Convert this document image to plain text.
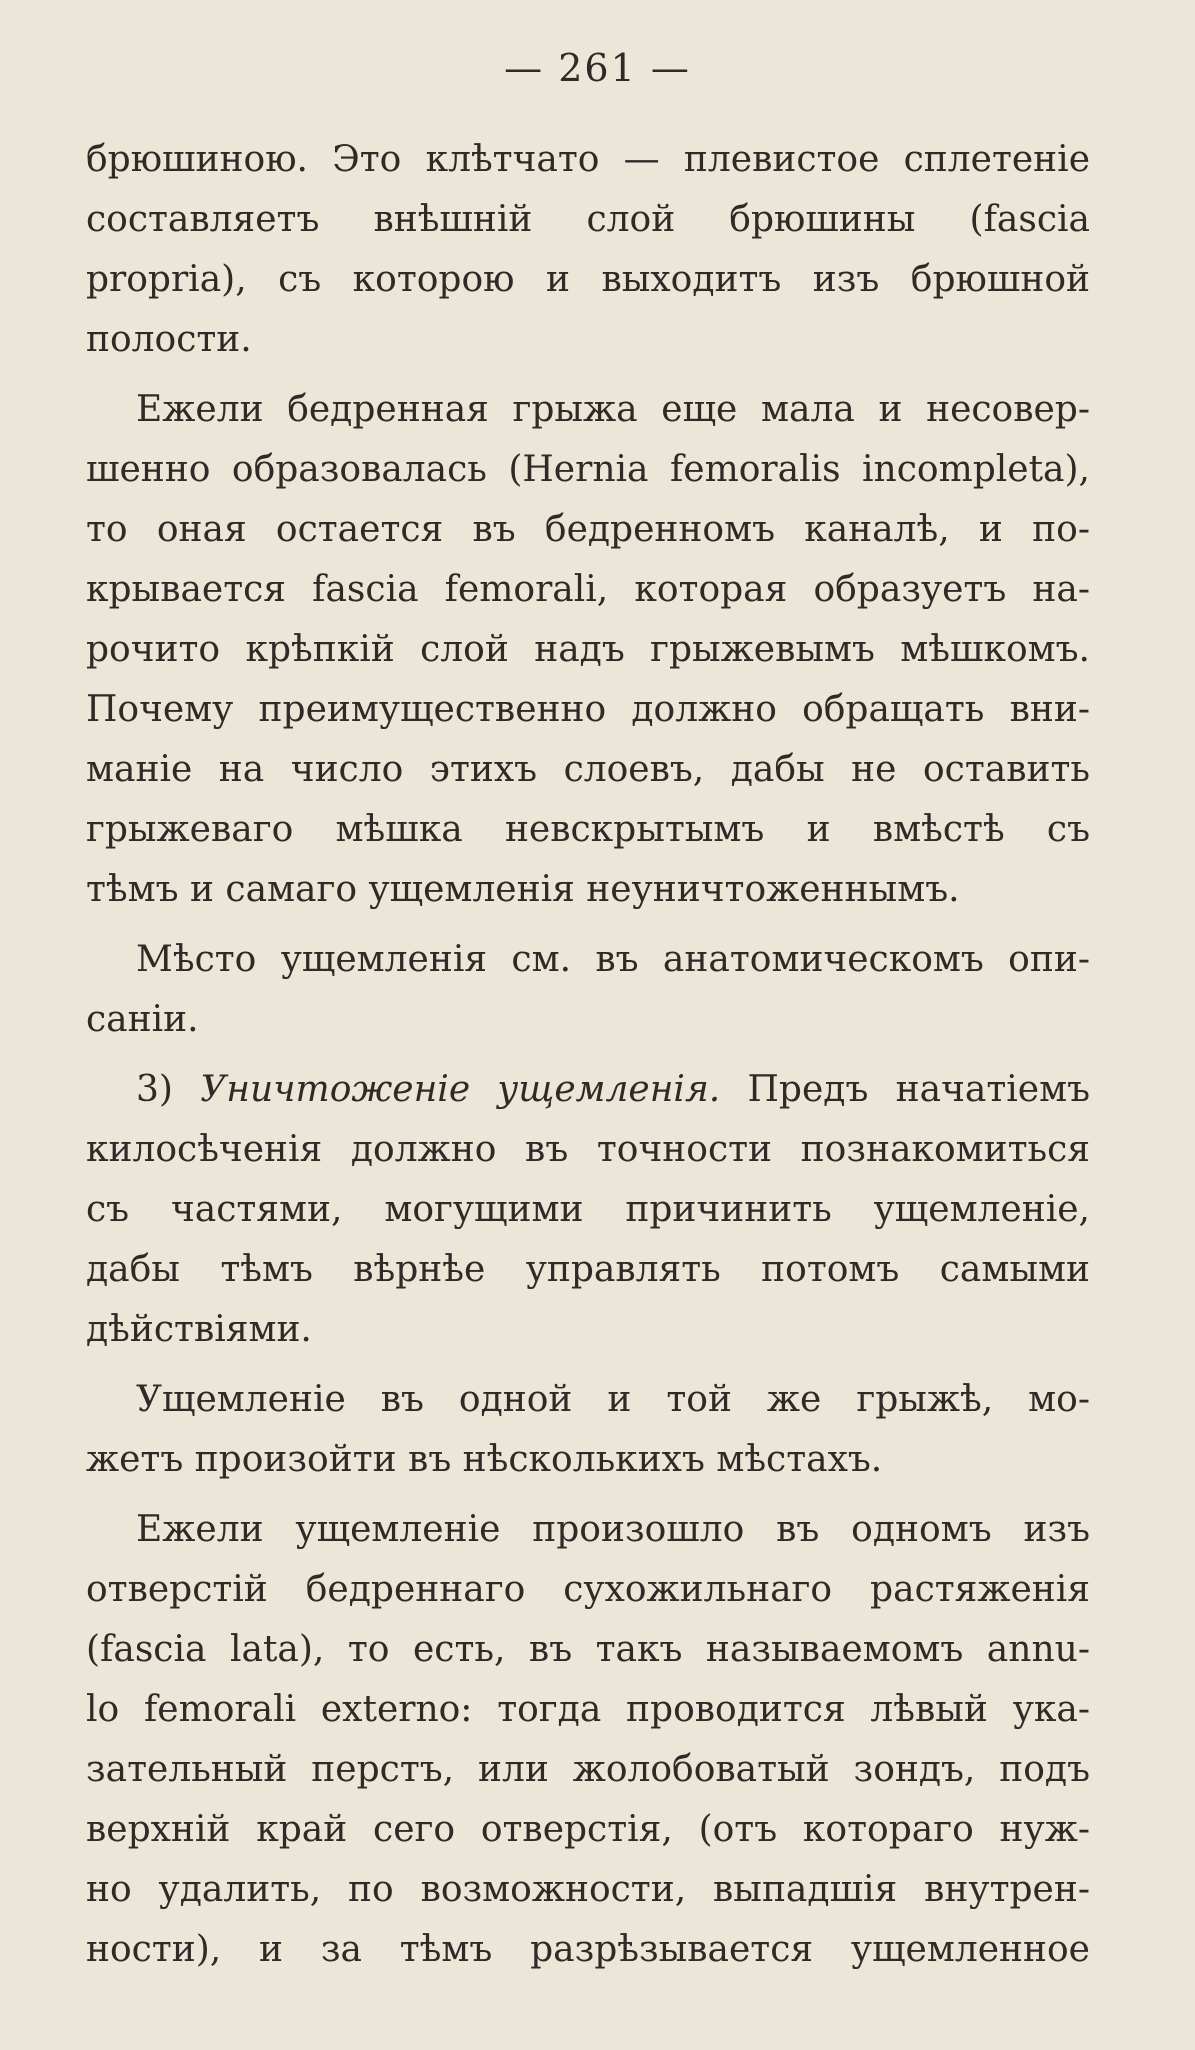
— 261 —

брюшиною. Это клѣтчато — плевистое сплетенiе
составляетъ внѣшнiй слой брюшины (fascia
propria), съ которою и выходитъ изъ брюшной
полости.

Ежели бедренная грыжа еще мала и несовер-
шенно образовалась (Hernia femoralis incompleta),
то оная остается въ бедренномъ каналѣ, и по-
крывается fascia femorali, которая образуетъ на-
рочито крѣпкiй слой надъ грыжевымъ мѣшкомъ.
Почему преимущественно должно обращать вни-
манiе на число этихъ слоевъ, дабы не оставить
грыжеваго мѣшка невскрытымъ и вмѣстѣ съ
тѣмъ и самаго ущемленiя неуничтоженнымъ.

Мѣсто ущемленiя см. въ анатомическомъ опи-
санiи.

3) Уничтоженiе ущемленiя. Предъ начатiемъ
килосѣченiя должно въ точности познакомиться
съ частями, могущими причинить ущемленiе,
дабы тѣмъ вѣрнѣе управлять потомъ самыми
дѣйствiями.

Ущемленiе въ одной и той же грыжѣ, мо-
жетъ произойти въ нѣсколькихъ мѣстахъ.

Ежели ущемленiе произошло въ одномъ изъ
отверстiй бедреннаго сухожильнаго растяженiя
(fascia lata), то есть, въ такъ называемомъ annu-
lo femorali externo: тогда проводится лѣвый ука-
зательный перстъ, или жолобоватый зондъ, подъ
верхнiй край сего отверстiя, (отъ котораго нуж-
но удалить, по возможности, выпадшiя внутрен-
ности), и за тѣмъ разрѣзывается ущемленное
